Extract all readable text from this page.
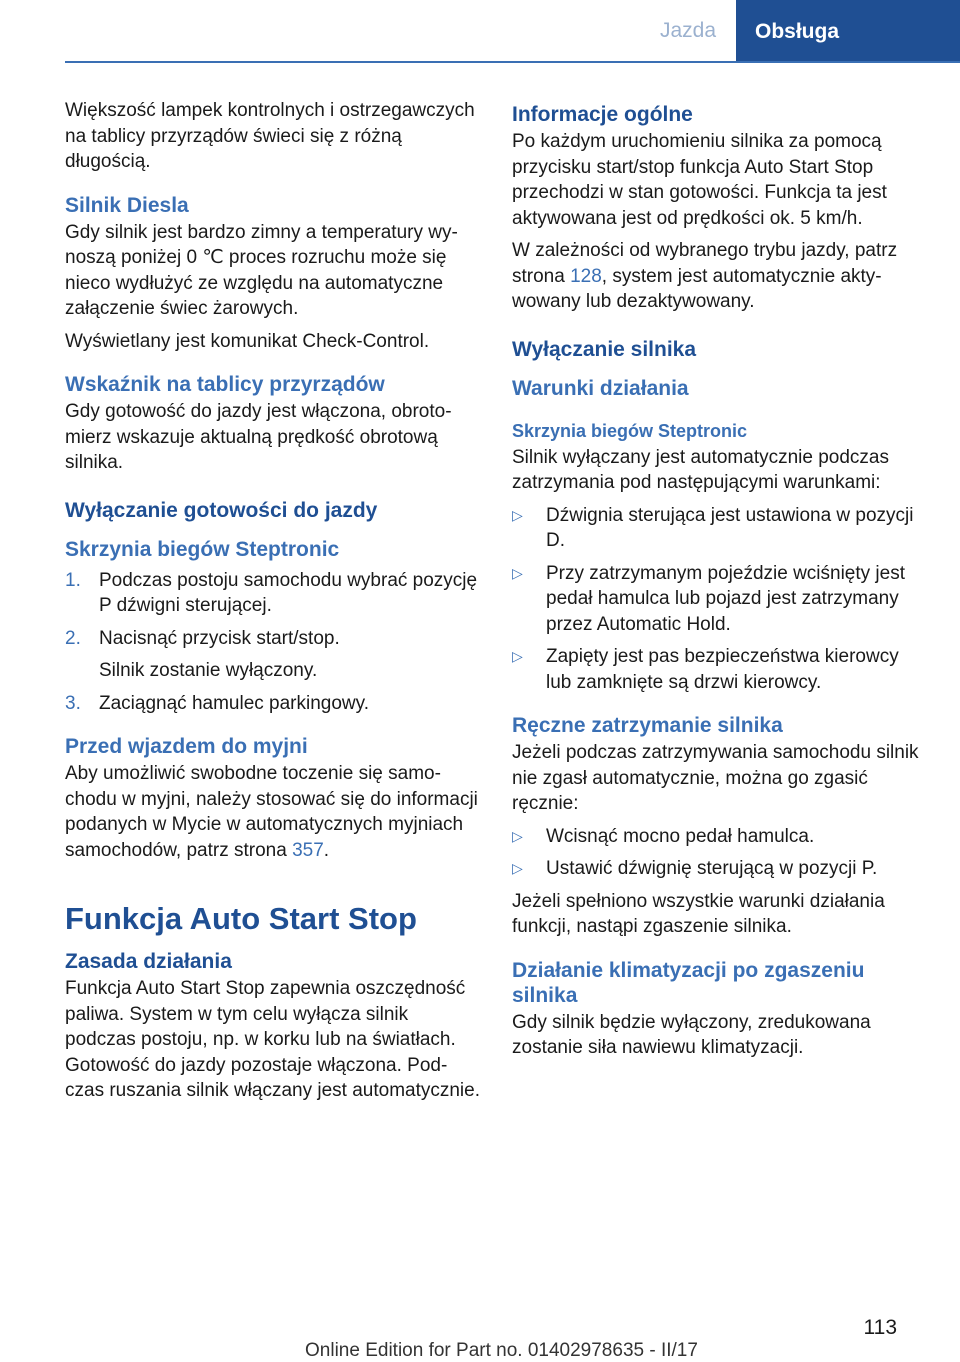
Jazda	Obsługa

Większość lampek kontrolnych i ostrzegawczych na tablicy przyrządów świeci się z różną długością.

Silnik Diesla

Gdy silnik jest bardzo zimny a temperatury wynoszą poniżej 0 ℃ proces rozruchu może się nieco wydłużyć ze względu na automatyczne załączenie świec żarowych.

Wyświetlany jest komunikat Check-Control.

Wskaźnik na tablicy przyrządów

Gdy gotowość do jazdy jest włączona, obrotomierz wskazuje aktualną prędkość obrotową silnika.

Wyłączanie gotowości do jazdy
Skrzynia biegów Steptronic
1. Podczas postoju samochodu wybrać pozycję P dźwigni sterującej.
2. Nacisnąć przycisk start/stop.
Silnik zostanie wyłączony.
3. Zaciągnąć hamulec parkingowy.
Przed wjazdem do myjni

Aby umożliwić swobodne toczenie się samochodu w myjni, należy stosować się do informacji podanych w Mycie w automatycznych myjniach samochodów, patrz strona 357.

Funkcja Auto Start Stop
Zasada działania

Funkcja Auto Start Stop zapewnia oszczędność paliwa. System w tym celu wyłącza silnik podczas postoju, np. w korku lub na światłach. Gotowość do jazdy pozostaje włączona. Podczas ruszania silnik włączany jest automatycznie.

Informacje ogólne

Po każdym uruchomieniu silnika za pomocą przycisku start/stop funkcja Auto Start Stop przechodzi w stan gotowości. Funkcja ta jest aktywowana jest od prędkości ok. 5 km/h.

W zależności od wybranego trybu jazdy, patrz strona 128, system jest automatycznie aktywowany lub dezaktywowany.

Wyłączanie silnika
Warunki działania
Skrzynia biegów Steptronic

Silnik wyłączany jest automatycznie podczas zatrzymania pod następującymi warunkami:

▷	Dźwignia sterująca jest ustawiona w pozycji D.
▷	Przy zatrzymanym pojeździe wciśnięty jest pedał hamulca lub pojazd jest zatrzymany przez Automatic Hold.
▷	Zapięty jest pas bezpieczeństwa kierowcy lub zamknięte są drzwi kierowcy.
Ręczne zatrzymanie silnika

Jeżeli podczas zatrzymywania samochodu silnik nie zgasł automatycznie, można go zgasić ręcznie:

▷	Wcisnąć mocno pedał hamulca.
▷	Ustawić dźwignię sterującą w pozycji P.

Jeżeli spełniono wszystkie warunki działania funkcji, nastąpi zgaszenie silnika.

Działanie klimatyzacji po zgaszeniu silnika

Gdy silnik będzie wyłączony, zredukowana zostanie siła nawiewu klimatyzacji.

113
Online Edition for Part no. 01402978635 - II/17
